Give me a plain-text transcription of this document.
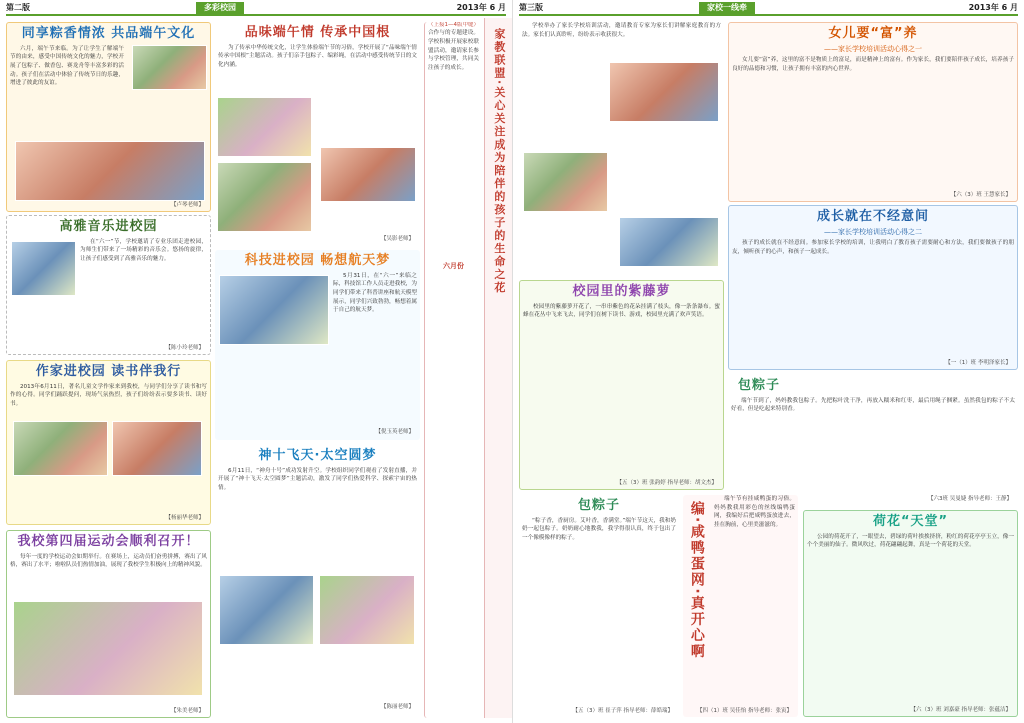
第二版	多彩校园	2013年 6 月
同享粽香情浓 共品端午文化
六月，端午节来临。为了让学生了解端午节的由来，感受中国传统文化的魅力，学校开展了包粽子、做香包、赛龙舟等丰富多彩的活动。孩子们在活动中体验了传统节日的乐趣，增进了彼此的友谊。
【卢琴老师】
品味端午情 传承中国根
为了传承中华传统文化，让学生体验端午节的习俗，学校开展了“品味端午情 传承中国根”主题活动。孩子们亲手包粽子、编彩绳，在活动中感受传统节日的文化内涵。
【吴影老师】
高雅音乐进校园
在“六一”节，学校邀请了专业乐团走进校园，为师生们带来了一场精彩的音乐会。悠扬的旋律，让孩子们感受到了高雅音乐的魅力。
【陈小玲老师】
科技进校园 畅想航天梦
5月31日，在“六一”来临之际，科技馆工作人员走进我校，为同学们带来了科普讲座和航天模型展示，同学们兴致勃勃，畅想着属于自己的航天梦。
【倪玉英老师】
作家进校园 读书伴我行
2013年6月11日，著名儿童文学作家来到我校，与同学们分享了读书和写作的心得。同学们踊跃提问，现场气氛热烈，孩子们纷纷表示要多读书、读好书。
【杨丽华老师】
神十飞天·太空圆梦
6月11日，“神舟十号”成功发射升空。学校组织同学们观看了发射直播，并开展了“神十飞天·太空圆梦”主题活动，激发了同学们热爱科学、探索宇宙的热情。
【陈丽老师】
我校第四届运动会顺利召开！
每年一度的学校运动会如期举行。在赛场上，运动员们奋勇拼搏，赛出了风格，赛出了水平；啦啦队员们热情加油，展现了我校学生积极向上的精神风貌。
【朱美老师】
（上接1—4版中缝）
合作与的专题建设。学校积极开展家校联盟活动，邀请家长参与学校管理，共同关注孩子的成长。
六月份	家教联盟·关心关注成为陪伴的孩子的生命之花
第三版	家校一线牵	2013年 6 月
学校举办了家长学校培训活动，邀请教育专家为家长们讲解家庭教育的方法。家长们认真聆听，纷纷表示收获很大。	女儿要“富”养
——家长学校培训活动心得之一
女儿要“富”养，这里的富不是物质上的富足，而是精神上的富有。作为家长，我们要陪伴孩子成长，培养孩子良好的品德和习惯，让孩子拥有丰富的内心世界。
【六（3）班 王慧家长】
成长就在不经意间
——家长学校培训活动心得之二
孩子的成长就在不经意间。参加家长学校的培训，让我明白了教育孩子需要耐心和方法，我们要做孩子的朋友，倾听孩子的心声，和孩子一起成长。
【一（1）班 李明泽家长】
校园里的紫藤萝
校园里的紫藤萝开花了，一串串紫色的花朵挂满了枝头，像一条条瀑布。蜜蜂在花丛中飞来飞去，同学们在树下读书、游戏，校园里充满了欢声笑语。
【五（3）班 张韵婷 指导老师：胡文杰】
包粽子
端午节到了，妈妈教我包粽子。先把粽叶洗干净，再放入糯米和红枣，最后用绳子捆紧。虽然我包的粽子不太好看，但是吃起来特别香。
【六3班 吴曼婕 指导老师：王静】
包粽子
“粽子香，香厨房。艾叶香，香满堂。”端午节这天，我和奶奶一起包粽子。奶奶耐心地教我，我学得很认真，终于包出了一个像模像样的粽子。
【五（3）班 崔子萍 指导老师：薛皓瑞】
编·咸鸭蛋网·真开心啊
端午节有挂咸鸭蛋的习俗。妈妈教我用彩色的丝线编鸭蛋网，我编好后把咸鸭蛋放进去，挂在胸前，心里美滋滋的。
【四（1）班 吴佳怡 指导老师：张寅】
荷花“天堂”
公园的荷花开了，一眼望去，碧绿的荷叶挨挨挤挤，粉红的荷花亭亭玉立，像一个个美丽的仙子。微风吹过，荷花翩翩起舞，真是一个荷花的天堂。
【六（3）班 刘嘉豪 指导老师：张蕴洁】
